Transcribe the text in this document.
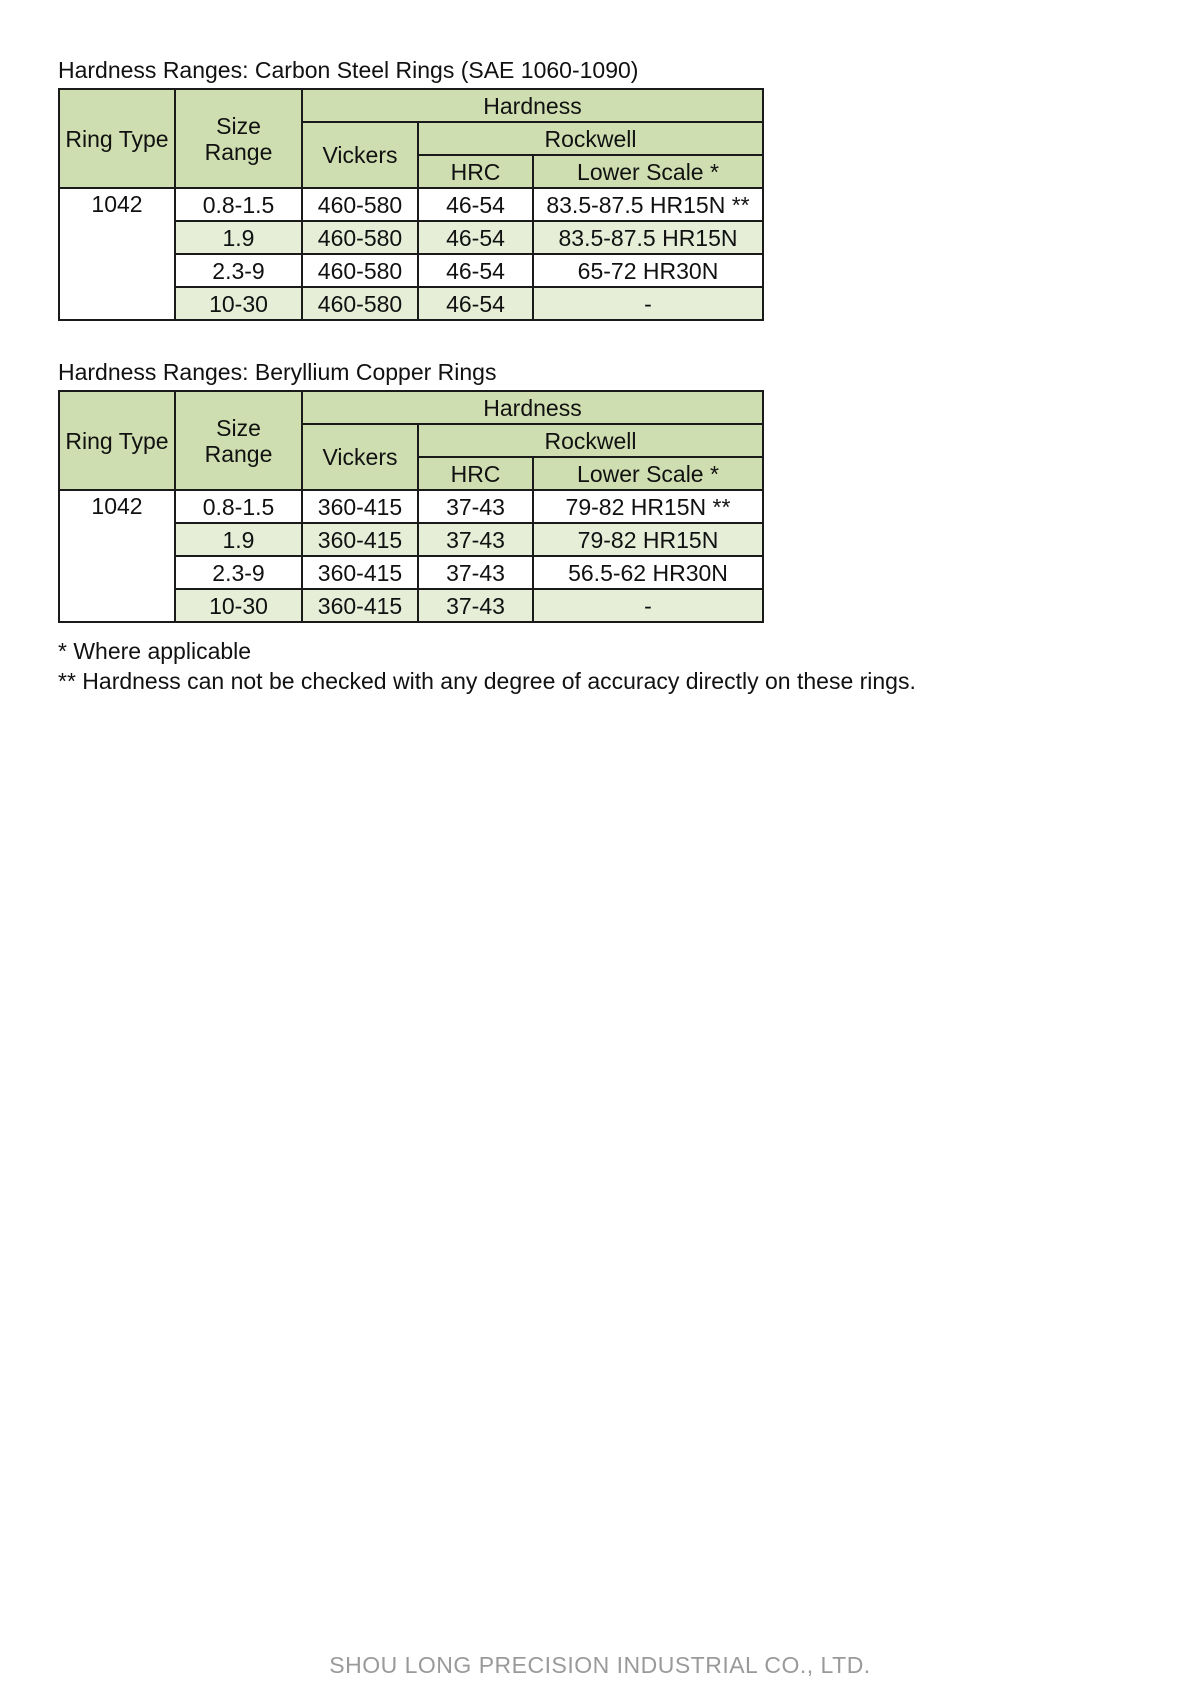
Hardness Ranges: Carbon Steel Rings (SAE 1060-1090)
Ring Type	Size Range	Hardness		
		Vickers	Rockwell	
			HRC	Lower Scale *
1042	0.8-1.5	460-580	46-54	83.5-87.5 HR15N **
	1.9	460-580	46-54	83.5-87.5 HR15N
	2.3-9	460-580	46-54	65-72 HR30N
	10-30	460-580	46-54	-
Hardness Ranges: Beryllium Copper Rings
Ring Type	Size Range	Hardness		
		Vickers	Rockwell	
			HRC	Lower Scale *
1042	0.8-1.5	360-415	37-43	79-82 HR15N **
	1.9	360-415	37-43	79-82 HR15N
	2.3-9	360-415	37-43	56.5-62 HR30N
	10-30	360-415	37-43	-
* Where applicable
** Hardness can not be checked with any degree of accuracy directly on these rings.
SHOU LONG PRECISION INDUSTRIAL CO., LTD.
